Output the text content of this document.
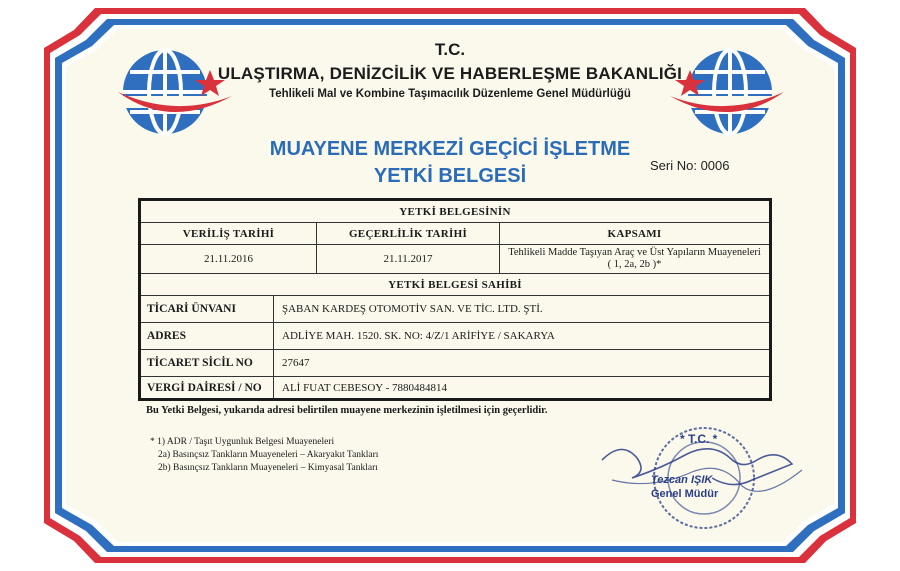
T.C.
ULAŞTIRMA, DENİZCİLİK VE HABERLEŞME BAKANLIĞI
Tehlikeli Mal ve Kombine Taşımacılık Düzenleme Genel Müdürlüğü
MUAYENE MERKEZİ GEÇİCİ İŞLETME
YETKİ BELGESİ	Seri No: 0006
YETKİ BELGESİNİN
VERİLİŞ TARİHİ	GEÇERLİLİK TARİHİ	KAPSAMI
21.11.2016	21.11.2017	Tehlikeli Madde Taşıyan Araç ve Üst Yapıların Muayeneleri ( 1, 2a, 2b )*
YETKİ BELGESİ SAHİBİ

TİCARİ ÜNVANI	ŞABAN KARDEŞ OTOMOTİV SAN. VE TİC. LTD. ŞTİ.
ADRES	ADLİYE MAH. 1520. SK. NO: 4/Z/1 ARİFİYE / SAKARYA
TİCARET SİCİL NO	27647
VERGİ DAİRESİ / NO	ALİ FUAT CEBESOY - 7880484814
Bu Yetki Belgesi, yukarıda adresi belirtilen muayene merkezinin işletilmesi için geçerlidir.
* 1) ADR / Taşıt Uygunluk Belgesi Muayeneleri
2a) Basınçsız Tankların Muayeneleri – Akaryakıt Tankları
2b) Basınçsız Tankların Muayeneleri – Kimyasal Tankları
* T.C. *
Tezcan IŞIK
Genel Müdür
